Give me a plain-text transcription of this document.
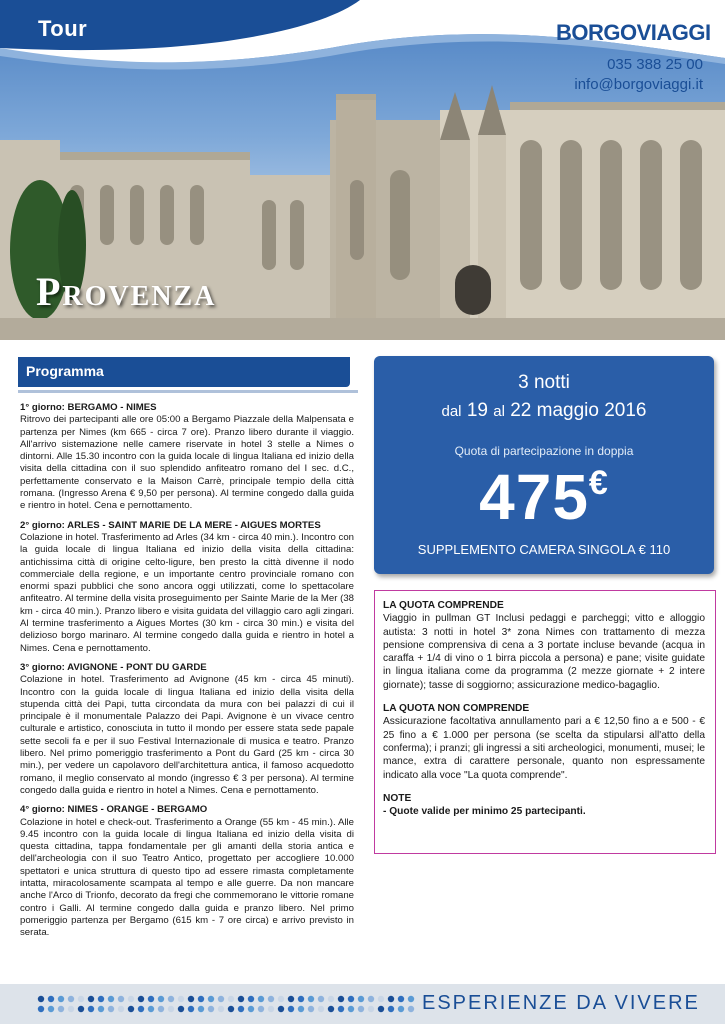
Tour	BORGOVIAGGI
035 388 25 00
info@borgoviaggi.it
Provenza
Programma
1° giorno: BERGAMO - NIMES
Ritrovo dei partecipanti alle ore 05:00 a Bergamo Piazzale della Malpensata e partenza per Nimes (km 665 - circa 7 ore). Pranzo libero durante il viaggio. All'arrivo sistemazione nelle camere riservate in hotel 3 stelle a Nimes o dintorni. Alle 15.30 incontro con la guida locale di lingua Italiana ed inizio della visita della cittadina con il suo splendido anfiteatro romano del I sec. d.C., perfettamente conservato e la Maison Carrè, principale tempio della città romana. (Ingresso Arena € 9,50 per persona). Al termine congedo dalla guida e rientro in hotel. Cena e pernottamento.
2° giorno: ARLES - SAINT MARIE DE LA MERE - AIGUES MORTES
Colazione in hotel. Trasferimento ad Arles (34 km - circa 40 min.). Incontro con la guida locale di lingua Italiana ed inizio della visita della cittadina: antichissima città di origine celto-ligure, ben presto la città divenne il nodo commerciale della regione, e un importante centro provinciale romano con enormi spazi pubblici che sono ancora oggi utilizzati, come lo spettacolare anfiteatro. Al termine della visita proseguimento per Sainte Marie de la Mer (38 km - circa 40 min.). Pranzo libero e visita guidata del villaggio caro agli zingari. Al termine trasferimento a Aigues Mortes (30 km - circa 30 min.) e visita del delizioso borgo marinaro. Al termine congedo dalla guida e rientro in hotel a Nimes. Cena e pernottamento.
3° giorno: AVIGNONE - PONT DU GARDE
Colazione in hotel. Trasferimento ad Avignone (45 km - circa 45 minuti). Incontro con la guida locale di lingua Italiana ed inizio della visita della stupenda città dei Papi, tutta circondata da mura con bei palazzi di cui il principale è il monumentale Palazzo dei Papi. Avignone è un vivace centro culturale e artistico, conosciuta in tutto il mondo per essere stata sede papale sette secoli fa e per il suo Festival Internazionale di musica e teatro. Pranzo libero. Nel primo pomeriggio trasferimento a Pont du Gard (25 km - circa 30 min.), per vedere un capolavoro dell'architettura antica, il famoso acquedotto romano, il meglio conservato al mondo (ingresso € 3 per persona). Al termine congedo dalla guida e rientro in hotel a Nimes. Cena e pernottamento.
4° giorno: NIMES - ORANGE - BERGAMO
Colazione in hotel e check-out. Trasferimento a Orange (55 km - 45 min.). Alle 9.45 incontro con la guida locale di lingua Italiana ed inizio della visita di questa cittadina, tappa fondamentale per gli amanti della storia antica e dell'archeologia con il suo Teatro Antico, progettato per accogliere 10.000 spettatori e unica struttura di questo tipo ad essere rimasta completamente intatta, miracolosamente scampata al tempo e alle guerre. Da non mancare anche l'Arco di Trionfo, decorato da fregi che commemorano le vittorie romane contro i Galli. Al termine congedo dalla guida e pranzo libero. Nel primo pomeriggio partenza per Bergamo (615 km - 7 ore circa) e arrivo previsto in serata.
3 notti
dal 19 al 22 maggio 2016
Quota di partecipazione in doppia
475€
SUPPLEMENTO CAMERA SINGOLA € 110
LA QUOTA COMPRENDE
Viaggio in pullman GT Inclusi pedaggi e parcheggi; vitto e alloggio autista: 3 notti in hotel 3* zona Nimes con trattamento di mezza pensione comprensiva di cena a 3 portate incluse bevande (acqua in caraffa + 1/4 di vino o 1 birra piccola a persona) e pane; visite guidate in lingua italiana come da programma (2 mezze giornate + 2 intere giornate); tasse di soggiorno; assicurazione medico-bagaglio.
LA QUOTA NON COMPRENDE
Assicurazione facoltativa annullamento pari a € 12,50 fino a e 500 - € 25 fino a € 1.000 per persona (se scelta da stipularsi all'atto della conferma); i pranzi; gli ingressi a siti archeologici, monumenti, musei; le mance, extra di carattere personale, quanto non espressamente indicato alla voce "La quota comprende".
NOTE
- Quote valide per minimo 25 partecipanti.
ESPERIENZE DA VIVERE
